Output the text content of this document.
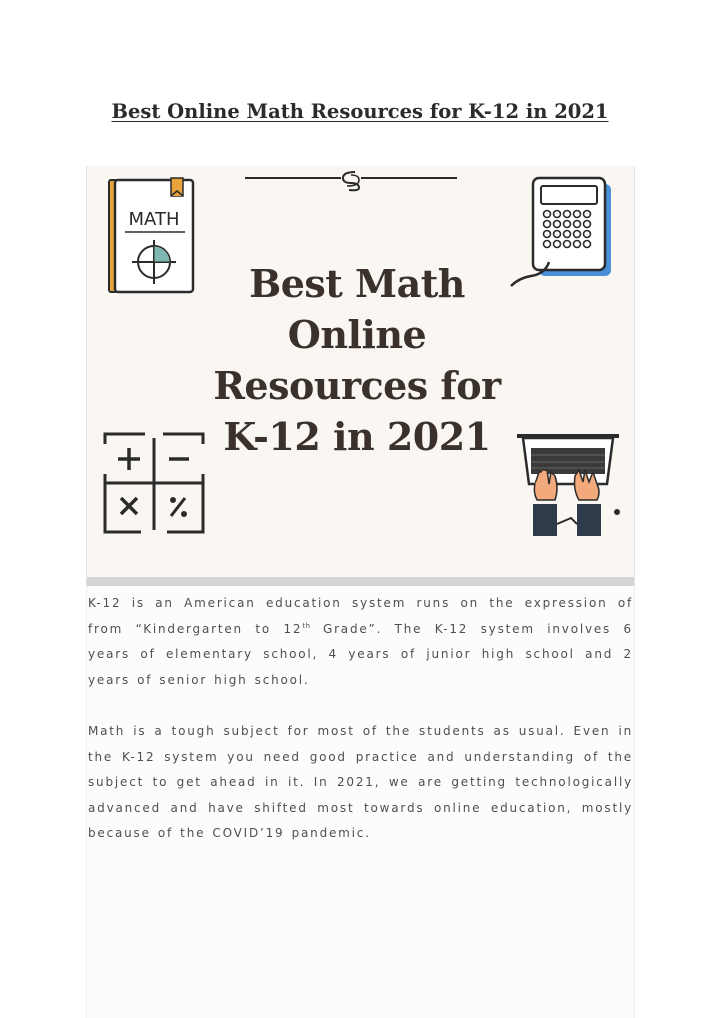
Best Online Math Resources for K-12 in 2021
MATH
Best Math
Online
Resources for
K-12 in 2021

K-12 is an American education system runs on the expression of from “Kindergarten to 12th Grade”. The K-12 system involves 6 years of elementary school, 4 years of junior high school and 2 years of senior high school.

Math is a tough subject for most of the students as usual. Even in the K-12 system you need good practice and understanding of the subject to get ahead in it. In 2021, we are getting technologically advanced and have shifted most towards online education, mostly because of the COVID’19 pandemic.
